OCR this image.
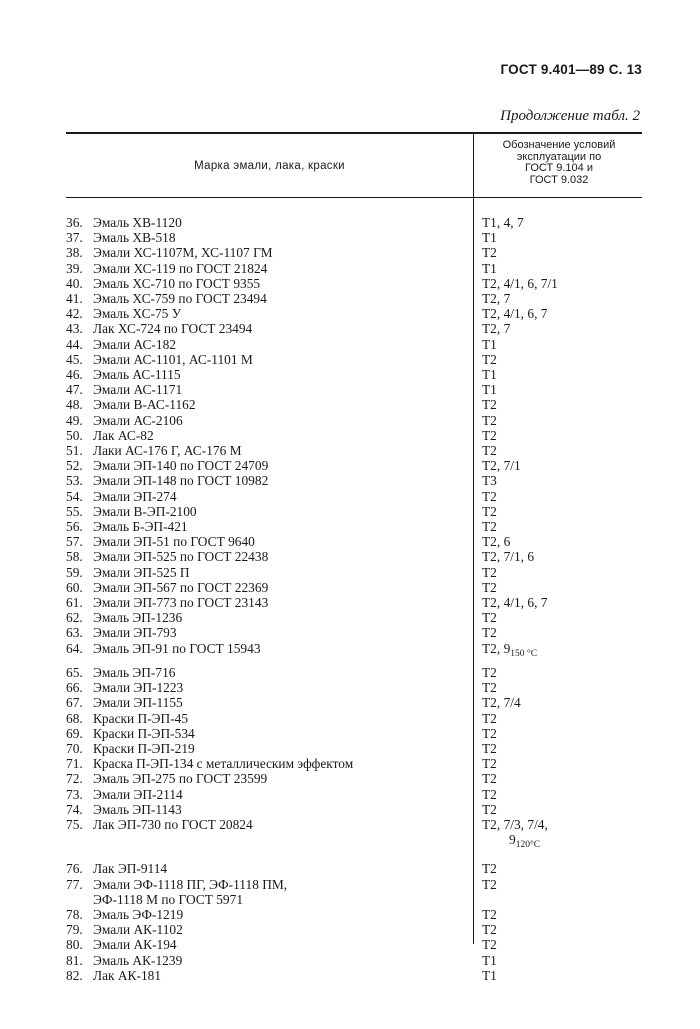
ГОСТ 9.401—89 С. 13
Продолжение табл. 2
Марка эмали, лака, краски
Обозначение условий
эксплуатации по
ГОСТ 9.104 и
ГОСТ 9.032
36. Эмаль ХВ-1120	Т1, 4, 7
37. Эмаль ХВ-518	Т1
38. Эмали ХС-1107М, ХС-1107 ГМ	Т2
39. Эмали ХС-119 по ГОСТ 21824	Т1
40. Эмаль ХС-710 по ГОСТ 9355	Т2, 4/1, 6, 7/1
41. Эмаль ХС-759 по ГОСТ 23494	Т2, 7
42. Эмаль ХС-75 У	Т2, 4/1, 6, 7
43. Лак ХС-724 по ГОСТ 23494	Т2, 7
44. Эмали АС-182	Т1
45. Эмали АС-1101, АС-1101 М	Т2
46. Эмаль АС-1115	Т1
47. Эмали АС-1171	Т1
48. Эмали В-АС-1162	Т2
49. Эмали АС-2106	Т2
50. Лак АС-82	Т2
51. Лаки АС-176 Г, АС-176 М	Т2
52. Эмали ЭП-140 по ГОСТ 24709	Т2, 7/1
53. Эмали ЭП-148 по ГОСТ 10982	Т3
54. Эмали ЭП-274	Т2
55. Эмали В-ЭП-2100	Т2
56. Эмаль Б-ЭП-421	Т2
57. Эмали ЭП-51 по ГОСТ 9640	Т2, 6
58. Эмали ЭП-525 по ГОСТ 22438	Т2, 7/1, 6
59. Эмали ЭП-525 П	Т2
60. Эмали ЭП-567 по ГОСТ 22369	Т2
61. Эмали ЭП-773 по ГОСТ 23143	Т2, 4/1, 6, 7
62. Эмаль ЭП-1236	Т2
63. Эмали ЭП-793	Т2
64. Эмаль ЭП-91 по ГОСТ 15943	Т2, $9_{150 ^\circ С}$
65. Эмаль ЭП-716	Т2
66. Эмали ЭП-1223	Т2
67. Эмали ЭП-1155	Т2, 7/4
68. Краски П-ЭП-45	Т2
69. Краски П-ЭП-534	Т2
70. Краски П-ЭП-219	Т2
71. Краска П-ЭП-134 с металлическим эффектом	Т2
72. Эмаль ЭП-275 по ГОСТ 23599	Т2
73. Эмали ЭП-2114	Т2
74. Эмаль ЭП-1143	Т2
75. Лак ЭП-730 по ГОСТ 20824	Т2, 7/3, 7/4,
$9_{120^\circ С}$
76. Лак ЭП-9114	Т2
77. Эмали ЭФ-1118 ПГ, ЭФ-1118 ПМ,	Т2
ЭФ-1118 М по ГОСТ 5971
78. Эмаль ЭФ-1219	Т2
79. Эмали АК-1102	Т2
80. Эмали АК-194	Т2
81. Эмаль АК-1239	Т1
82. Лак АК-181	Т1
